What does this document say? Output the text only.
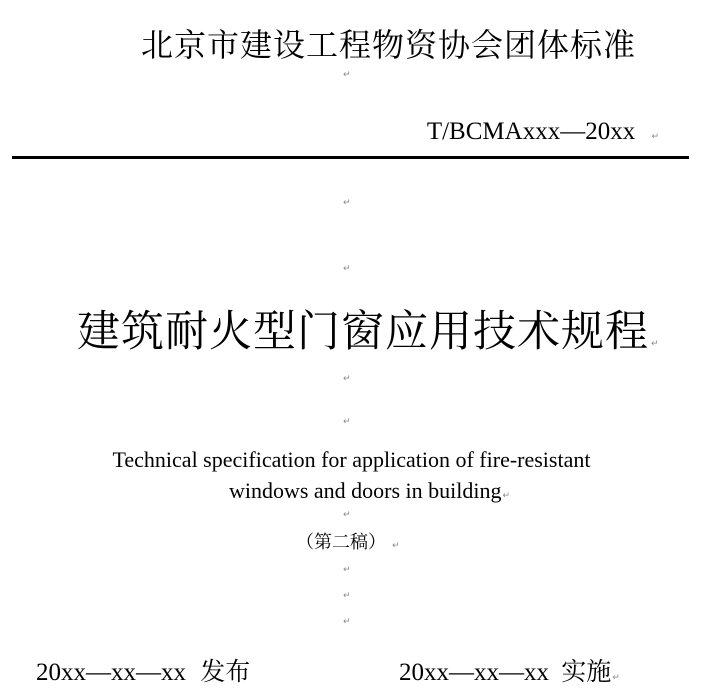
北京市建设工程物资协会团体标准
↵
T/BCMAxxx—20xx ↵
↵
↵
建筑耐火型门窗应用技术规程 ↵
↵
↵
Technical specification for application of fire-resistant
windows and doors in building↵
↵
（第二稿） ↵
↵
↵
↵
20xx—xx—xx 发布	20xx—xx—xx 实施↵
